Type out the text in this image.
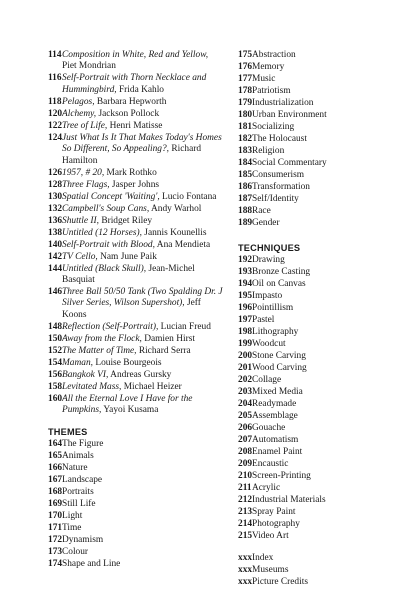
114 Composition in White, Red and Yellow, Piet Mondrian
116 Self-Portrait with Thorn Necklace and Hummingbird, Frida Kahlo
118 Pelagos, Barbara Hepworth
120 Alchemy, Jackson Pollock
122 Tree of Life, Henri Matisse
124 Just What Is It That Makes Today's Homes So Different, So Appealing?, Richard Hamilton
126 1957, # 20, Mark Rothko
128 Three Flags, Jasper Johns
130 Spatial Concept 'Waiting', Lucio Fontana
132 Campbell's Soup Cans, Andy Warhol
136 Shuttle II, Bridget Riley
138 Untitled (12 Horses), Jannis Kounellis
140 Self-Portrait with Blood, Ana Mendieta
142 TV Cello, Nam June Paik
144 Untitled (Black Skull), Jean-Michel Basquiat
146 Three Ball 50/50 Tank (Two Spalding Dr. J Silver Series, Wilson Supershot), Jeff Koons
148 Reflection (Self-Portrait), Lucian Freud
150 Away from the Flock, Damien Hirst
152 The Matter of Time, Richard Serra
154 Maman, Louise Bourgeois
156 Bangkok VI, Andreas Gursky
158 Levitated Mass, Michael Heizer
160 All the Eternal Love I Have for the Pumpkins, Yayoi Kusama
THEMES
164 The Figure
165 Animals
166 Nature
167 Landscape
168 Portraits
169 Still Life
170 Light
171 Time
172 Dynamism
173 Colour
174 Shape and Line
175 Abstraction
176 Memory
177 Music
178 Patriotism
179 Industrialization
180 Urban Environment
181 Socializing
182 The Holocaust
183 Religion
184 Social Commentary
185 Consumerism
186 Transformation
187 Self/Identity
188 Race
189 Gender
TECHNIQUES
192 Drawing
193 Bronze Casting
194 Oil on Canvas
195 Impasto
196 Pointillism
197 Pastel
198 Lithography
199 Woodcut
200 Stone Carving
201 Wood Carving
202 Collage
203 Mixed Media
204 Readymade
205 Assemblage
206 Gouache
207 Automatism
208 Enamel Paint
209 Encaustic
210 Screen-Printing
211 Acrylic
212 Industrial Materials
213 Spray Paint
214 Photography
215 Video Art
xxx Index
xxx Museums
xxx Picture Credits
